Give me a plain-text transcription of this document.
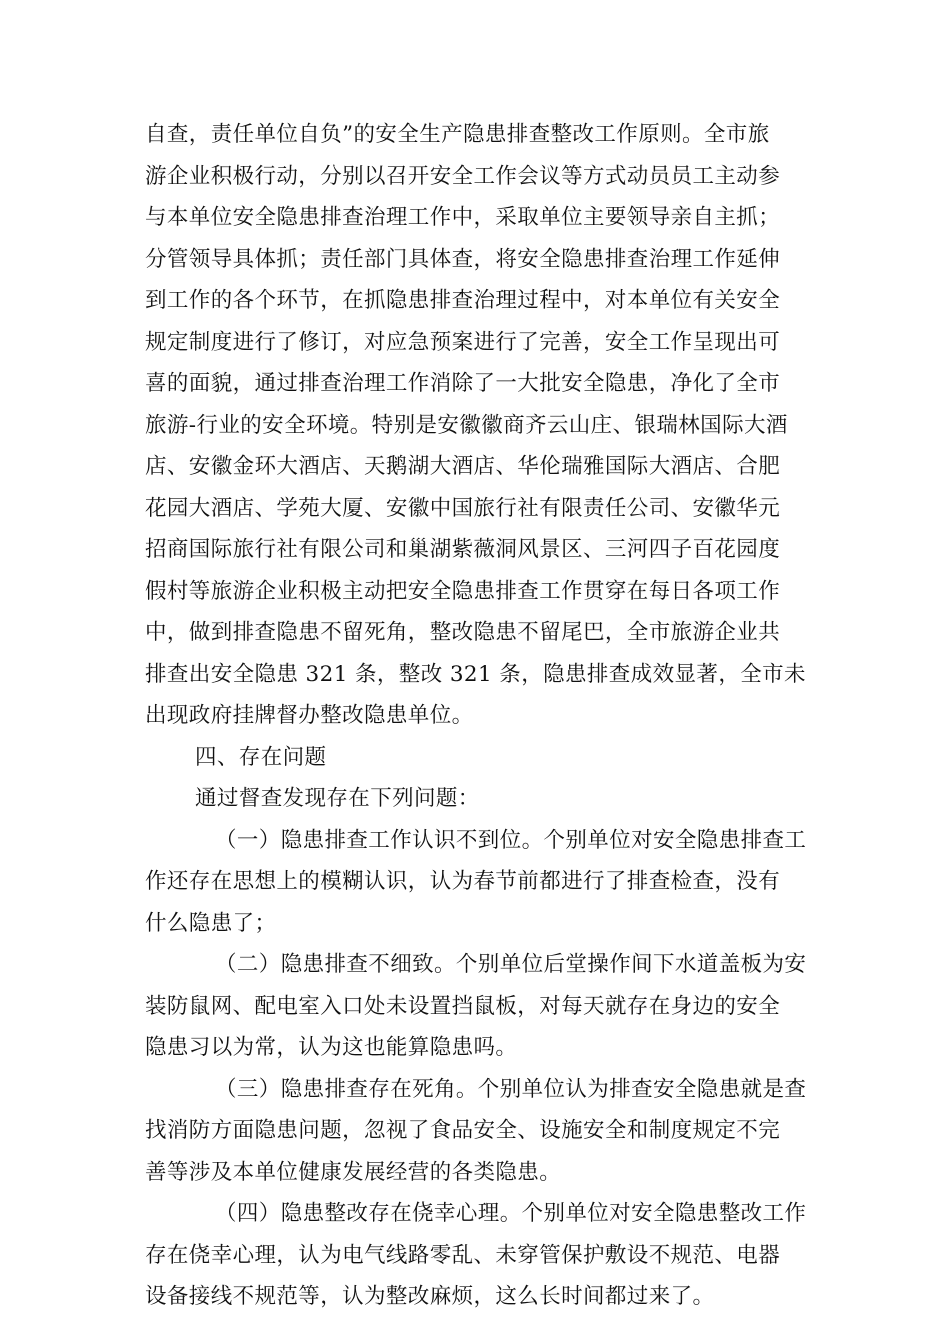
自查，责任单位自负”的安全生产隐患排查整改工作原则。全市旅
游企业积极行动，分别以召开安全工作会议等方式动员员工主动参
与本单位安全隐患排查治理工作中，采取单位主要领导亲自主抓；
分管领导具体抓；责任部门具体查，将安全隐患排查治理工作延伸
到工作的各个环节，在抓隐患排查治理过程中，对本单位有关安全
规定制度进行了修订，对应急预案进行了完善，安全工作呈现出可
喜的面貌，通过排查治理工作消除了一大批安全隐患，净化了全市
旅游-行业的安全环境。特别是安徽徽商齐云山庄、银瑞林国际大酒
店、安徽金环大酒店、天鹅湖大酒店、华伦瑞雅国际大酒店、合肥
花园大酒店、学苑大厦、安徽中国旅行社有限责任公司、安徽华元
招商国际旅行社有限公司和巢湖紫薇洞风景区、三河四子百花园度
假村等旅游企业积极主动把安全隐患排查工作贯穿在每日各项工作
中，做到排查隐患不留死角，整改隐患不留尾巴，全市旅游企业共
排查出安全隐患 321 条，整改 321 条，隐患排查成效显著，全市未
出现政府挂牌督办整改隐患单位。
四、存在问题
通过督查发现存在下列问题：
（一）隐患排查工作认识不到位。个别单位对安全隐患排查工
作还存在思想上的模糊认识，认为春节前都进行了排查检查，没有
什么隐患了；
（二）隐患排查不细致。个别单位后堂操作间下水道盖板为安
装防鼠网、配电室入口处未设置挡鼠板，对每天就存在身边的安全
隐患习以为常，认为这也能算隐患吗。
（三）隐患排查存在死角。个别单位认为排查安全隐患就是查
找消防方面隐患问题，忽视了食品安全、设施安全和制度规定不完
善等涉及本单位健康发展经营的各类隐患。
（四）隐患整改存在侥幸心理。个别单位对安全隐患整改工作
存在侥幸心理，认为电气线路零乱、未穿管保护敷设不规范、电器
设备接线不规范等，认为整改麻烦，这么长时间都过来了。
